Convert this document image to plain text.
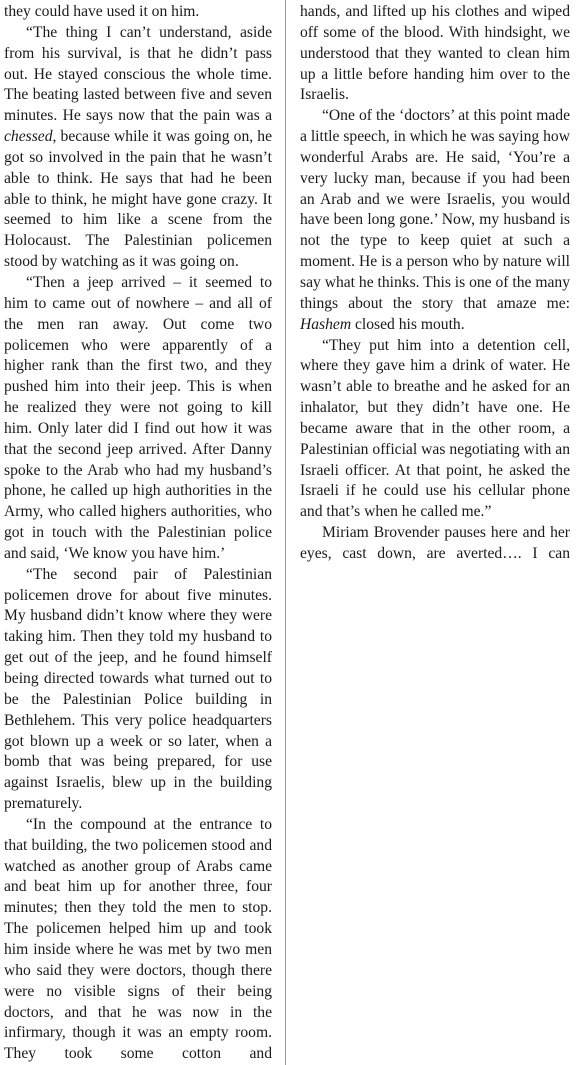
they could have used it on him.

“The thing I can’t understand, aside from his survival, is that he didn’t pass out. He stayed conscious the whole time. The beating lasted between five and seven minutes. He says now that the pain was a chessed, because while it was going on, he got so involved in the pain that he wasn’t able to think. He says that had he been able to think, he might have gone crazy. It seemed to him like a scene from the Holocaust. The Palestinian policemen stood by watching as it was going on.

“Then a jeep arrived – it seemed to him to came out of nowhere – and all of the men ran away. Out come two policemen who were apparently of a higher rank than the first two, and they pushed him into their jeep. This is when he realized they were not going to kill him. Only later did I find out how it was that the second jeep arrived. After Danny spoke to the Arab who had my husband’s phone, he called up high authorities in the Army, who called highers authorities, who got in touch with the Palestinian police and said, ‘We know you have him.’

“The second pair of Palestinian policemen drove for about five minutes. My husband didn’t know where they were taking him. Then they told my husband to get out of the jeep, and he found himself being directed towards what turned out to be the Palestinian Police building in Bethlehem. This very police headquarters got blown up a week or so later, when a bomb that was being prepared, for use against Israelis, blew up in the building prematurely.

“In the compound at the entrance to that building, the two policemen stood and watched as another group of Arabs came and beat him up for another three, four minutes; then they told the men to stop. The policemen helped him up and took him inside where he was met by two men who said they were doctors, though there were no visible signs of their being doctors, and that he was now in the infirmary, though it was an empty room. They took some cotton and

hands, and lifted up his clothes and wiped off some of the blood. With hindsight, we understood that they wanted to clean him up a little before handing him over to the Israelis.

“One of the ‘doctors’ at this point made a little speech, in which he was saying how wonderful Arabs are. He said, ‘You’re a very lucky man, because if you had been an Arab and we were Israelis, you would have been long gone.’ Now, my husband is not the type to keep quiet at such a moment. He is a person who by nature will say what he thinks. This is one of the many things about the story that amaze me: Hashem closed his mouth.

“They put him into a detention cell, where they gave him a drink of water. He wasn’t able to breathe and he asked for an inhalator, but they didn’t have one. He became aware that in the other room, a Palestinian official was negotiating with an Israeli officer. At that point, he asked the Israeli if he could use his cellular phone and that’s when he called me.”

Miriam Brovender pauses here and her eyes, cast down, are averted…. I can
